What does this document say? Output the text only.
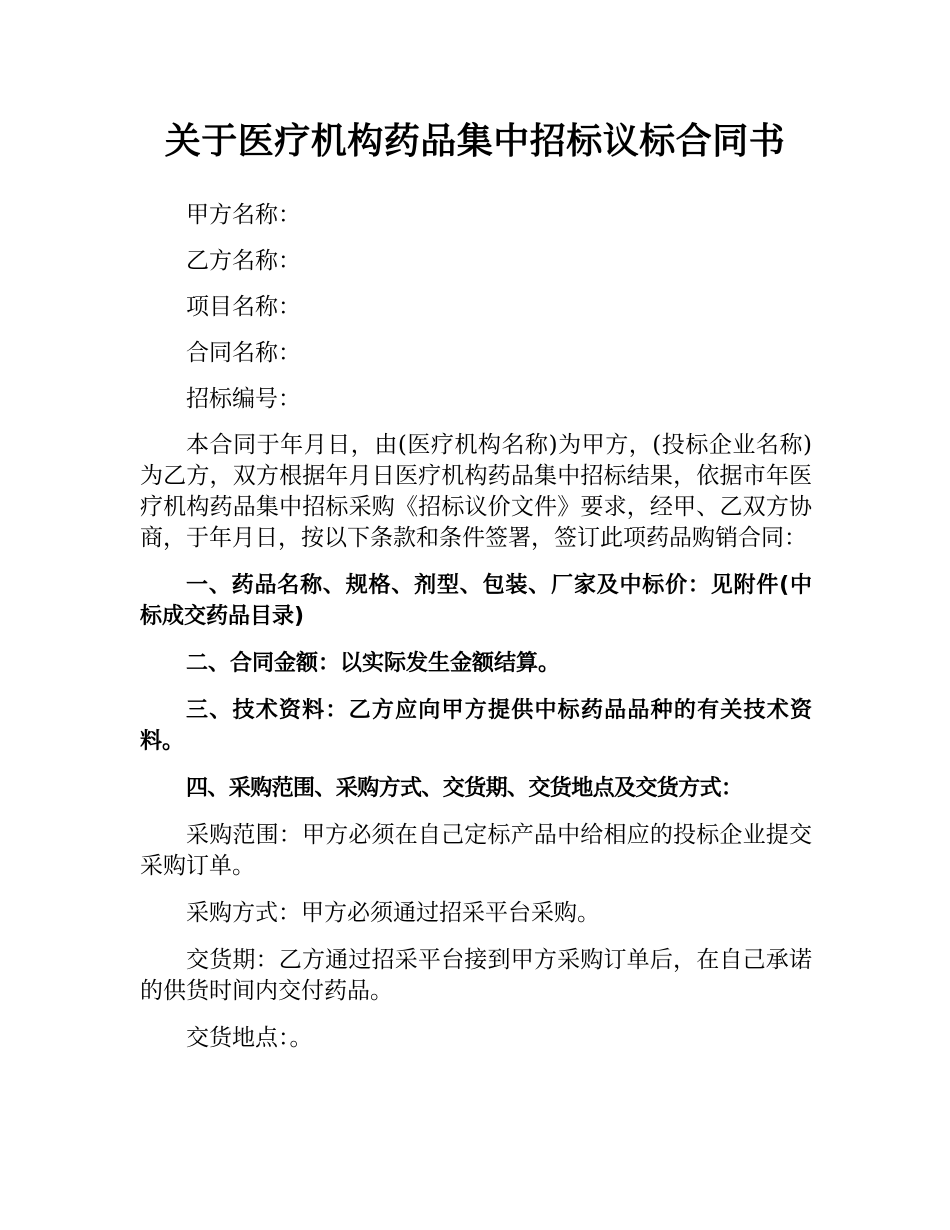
关于医疗机构药品集中招标议标合同书

甲方名称：

乙方名称：

项目名称：

合同名称：

招标编号：

本合同于年月日，由(医疗机构名称)为甲方，(投标企业名称)为乙方，双方根据年月日医疗机构药品集中招标结果，依据市年医疗机构药品集中招标采购《招标议价文件》要求，经甲、乙双方协商，于年月日，按以下条款和条件签署，签订此项药品购销合同：

一、药品名称、规格、剂型、包装、厂家及中标价：见附件(中标成交药品目录)

二、合同金额：以实际发生金额结算。

三、技术资料：乙方应向甲方提供中标药品品种的有关技术资料。

四、采购范围、采购方式、交货期、交货地点及交货方式：

采购范围：甲方必须在自己定标产品中给相应的投标企业提交采购订单。

采购方式：甲方必须通过招采平台采购。

交货期：乙方通过招采平台接到甲方采购订单后，在自己承诺的供货时间内交付药品。

交货地点：。
